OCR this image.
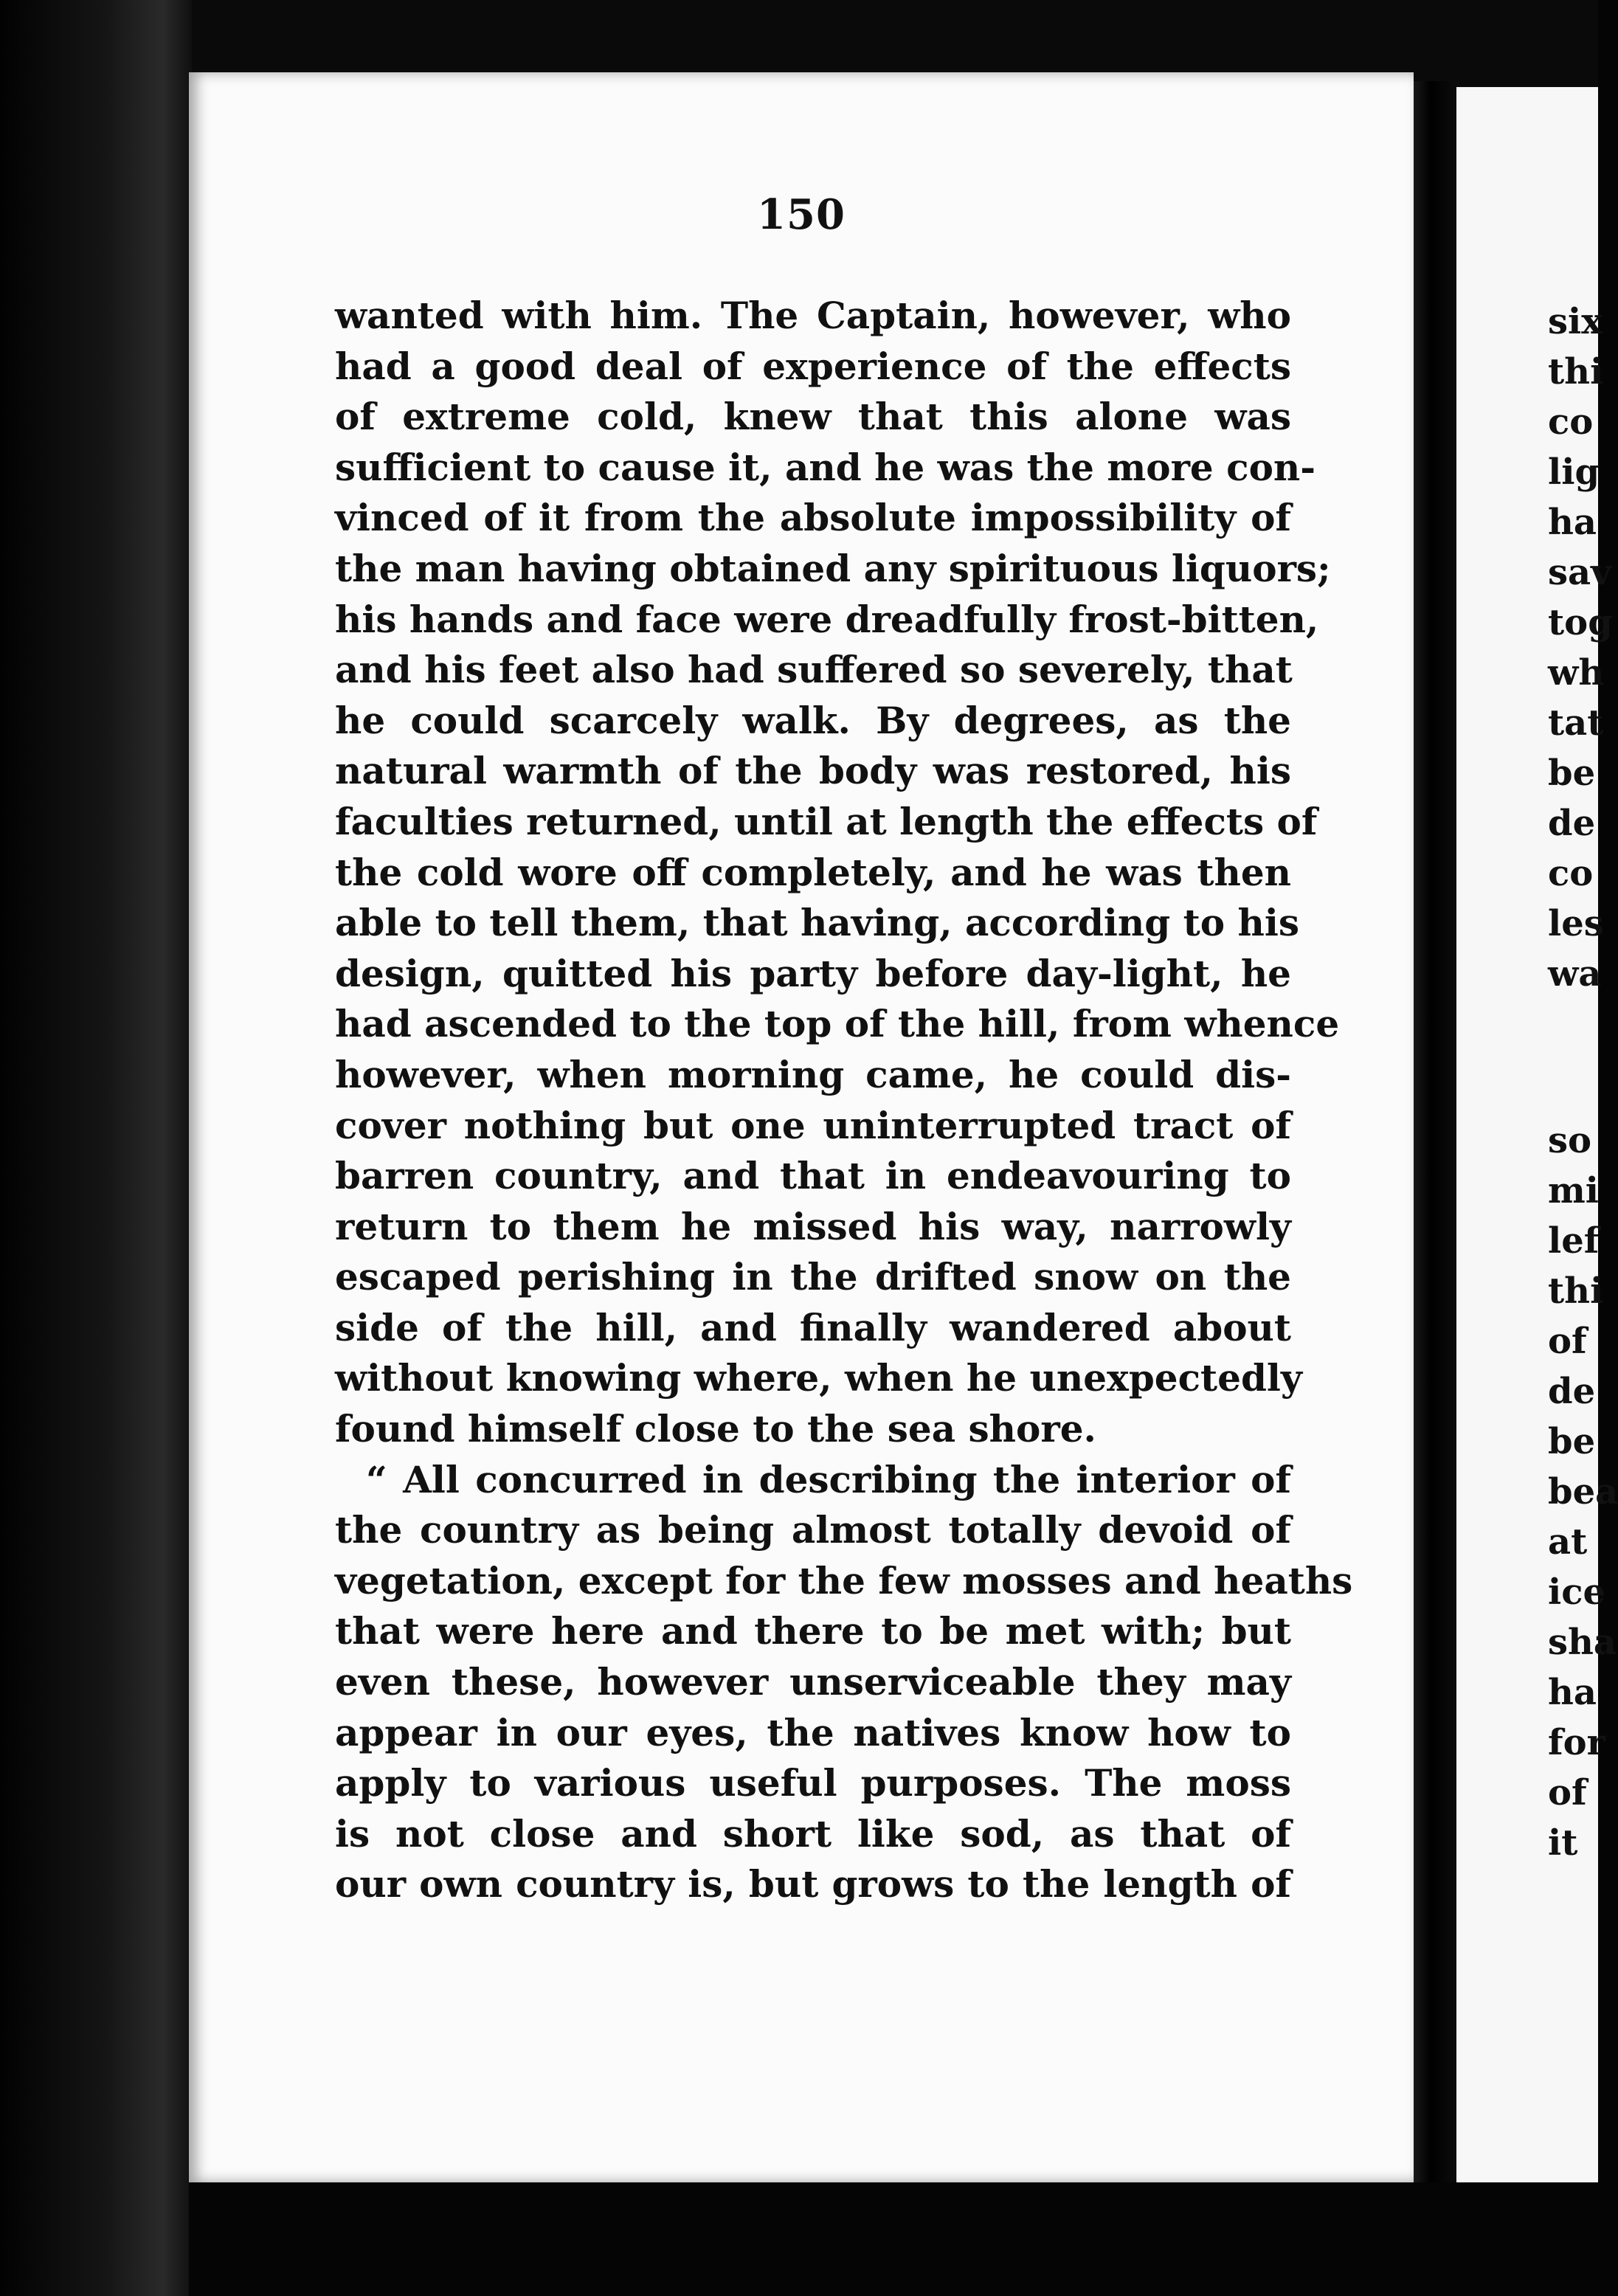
150
wanted with him. The Captain, however, who
had a good deal of experience of the effects
of extreme cold, knew that this alone was
sufficient to cause it, and he was the more con-
vinced of it from the absolute impossibility of
the man having obtained any spirituous liquors;
his hands and face were dreadfully frost-bitten,
and his feet also had suffered so severely, that
he could scarcely walk. By degrees, as the
natural warmth of the body was restored, his
faculties returned, until at length the effects of
the cold wore off completely, and he was then
able to tell them, that having, according to his
design, quitted his party before day-light, he
had ascended to the top of the hill, from whence
however, when morning came, he could dis-
cover nothing but one uninterrupted tract of
barren country, and that in endeavouring to
return to them he missed his way, narrowly
escaped perishing in the drifted snow on the
side of the hill, and finally wandered about
without knowing where, when he unexpectedly
found himself close to the sea shore.
“ All concurred in describing the interior of
the country as being almost totally devoid of
vegetation, except for the few mosses and heaths
that were here and there to be met with; but
even these, however unserviceable they may
appear in our eyes, the natives know how to
apply to various useful purposes. The moss
is not close and short like sod, as that of
our own country is, but grows to the length of
six
thi
co
lig
ha
sav
tog
wh
tat
be
de
co
les
wa
so
mi
lef
thi
of
de
be
bea
at
ice
sha
ha
for
of
it
